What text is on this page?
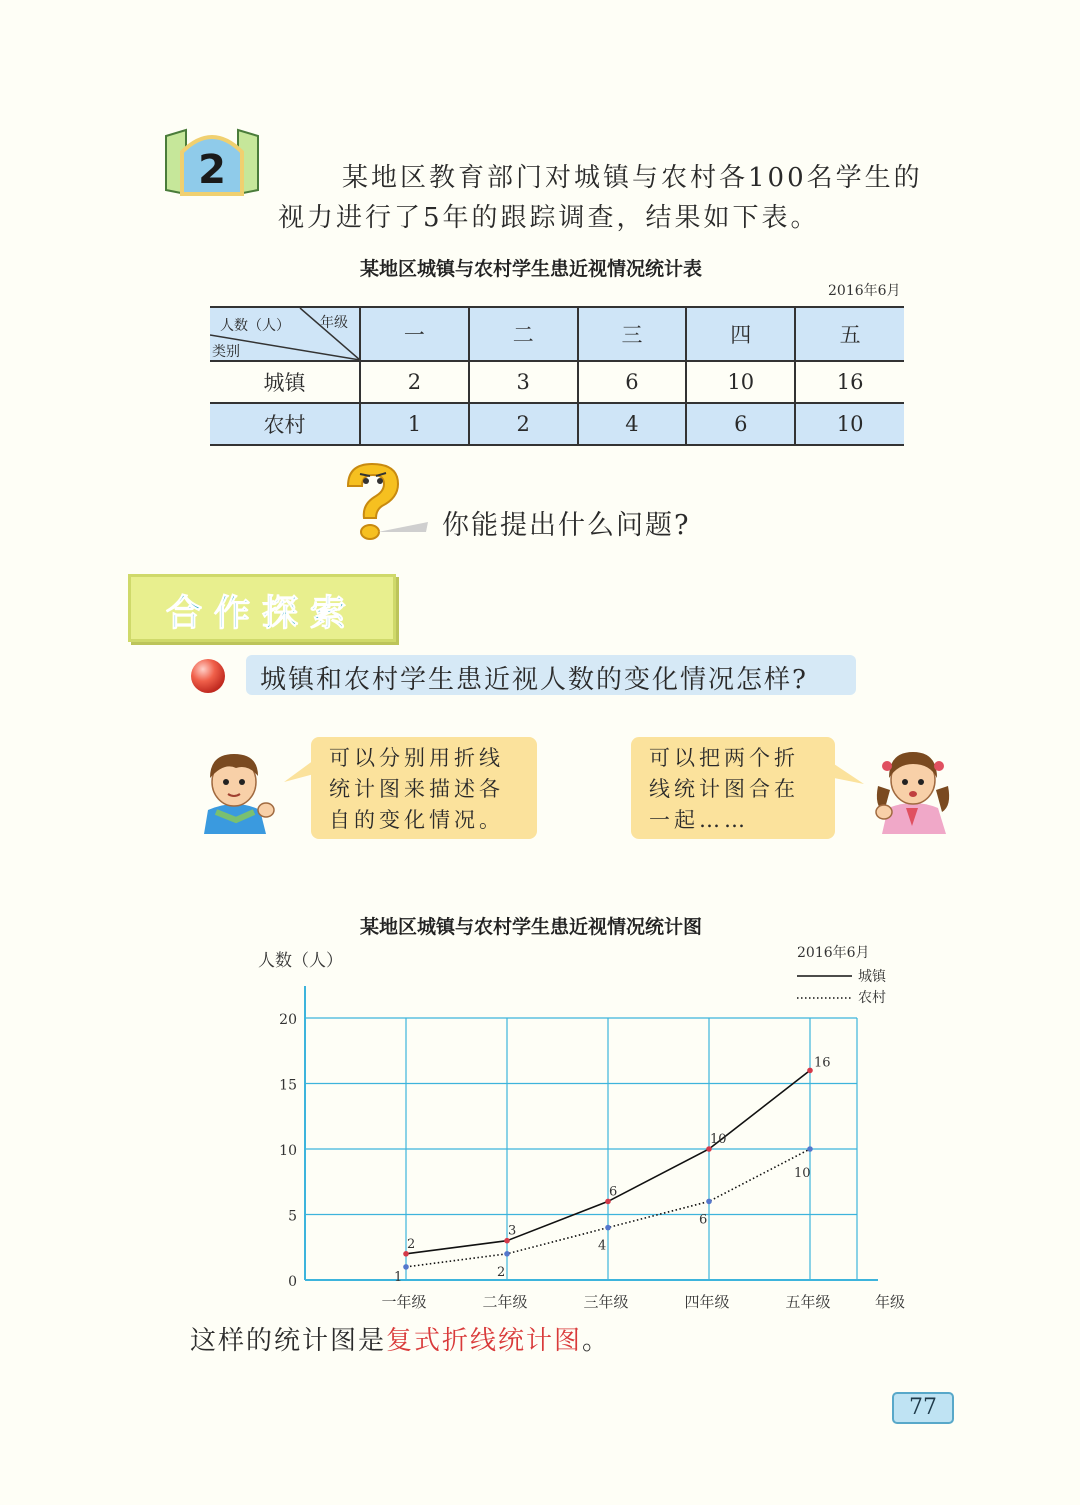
2	某地区教育部门对城镇与农村各100名学生的
视力进行了5年的跟踪调查，结果如下表。
某地区城镇与农村学生患近视情况统计表
2016年6月
人数（人） 年级
类别	一	二	三	四	五
城镇	2	3	6	10	16
农村	1	2	4	6	10
你能提出什么问题?
合作探索
城镇和农村学生患近视人数的变化情况怎样?
可以分别用折线
统计图来描述各
自的变化情况。
可以把两个折
线统计图合在
一起……
某地区城镇与农村学生患近视情况统计图
0
5
10
15
20
一年级	二年级	三年级	四年级	五年级	年级
人数（人）	2016年6月
城镇
农村
2
3
6
10
16
1	2
4
6
10
这样的统计图是复式折线统计图。
77
